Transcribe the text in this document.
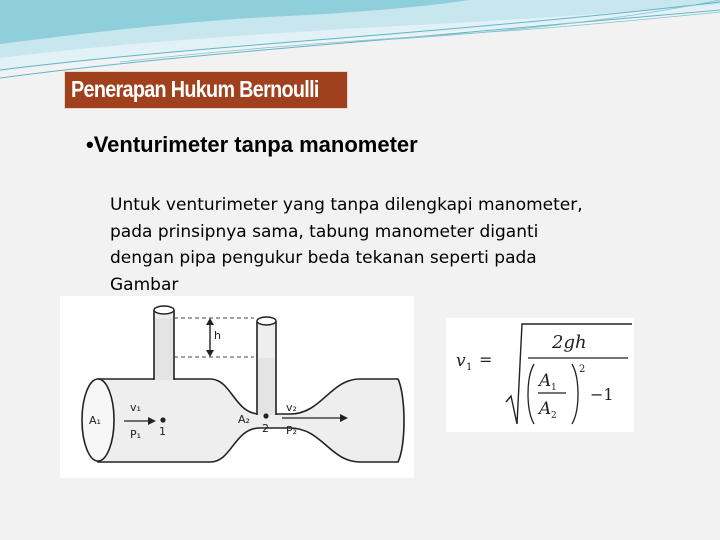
Penerapan Hukum Bernoulli
•Venturimeter tanpa manometer
Untuk venturimeter yang tanpa dilengkapi manometer,
pada prinsipnya sama, tabung manometer diganti
dengan pipa pengukur beda tekanan seperti pada
Gambar
h
A₁
v₁
P₁ 1
A₂
2
v₂
P₂
v 1 =
2gh
A 1
A 2
2
−1
